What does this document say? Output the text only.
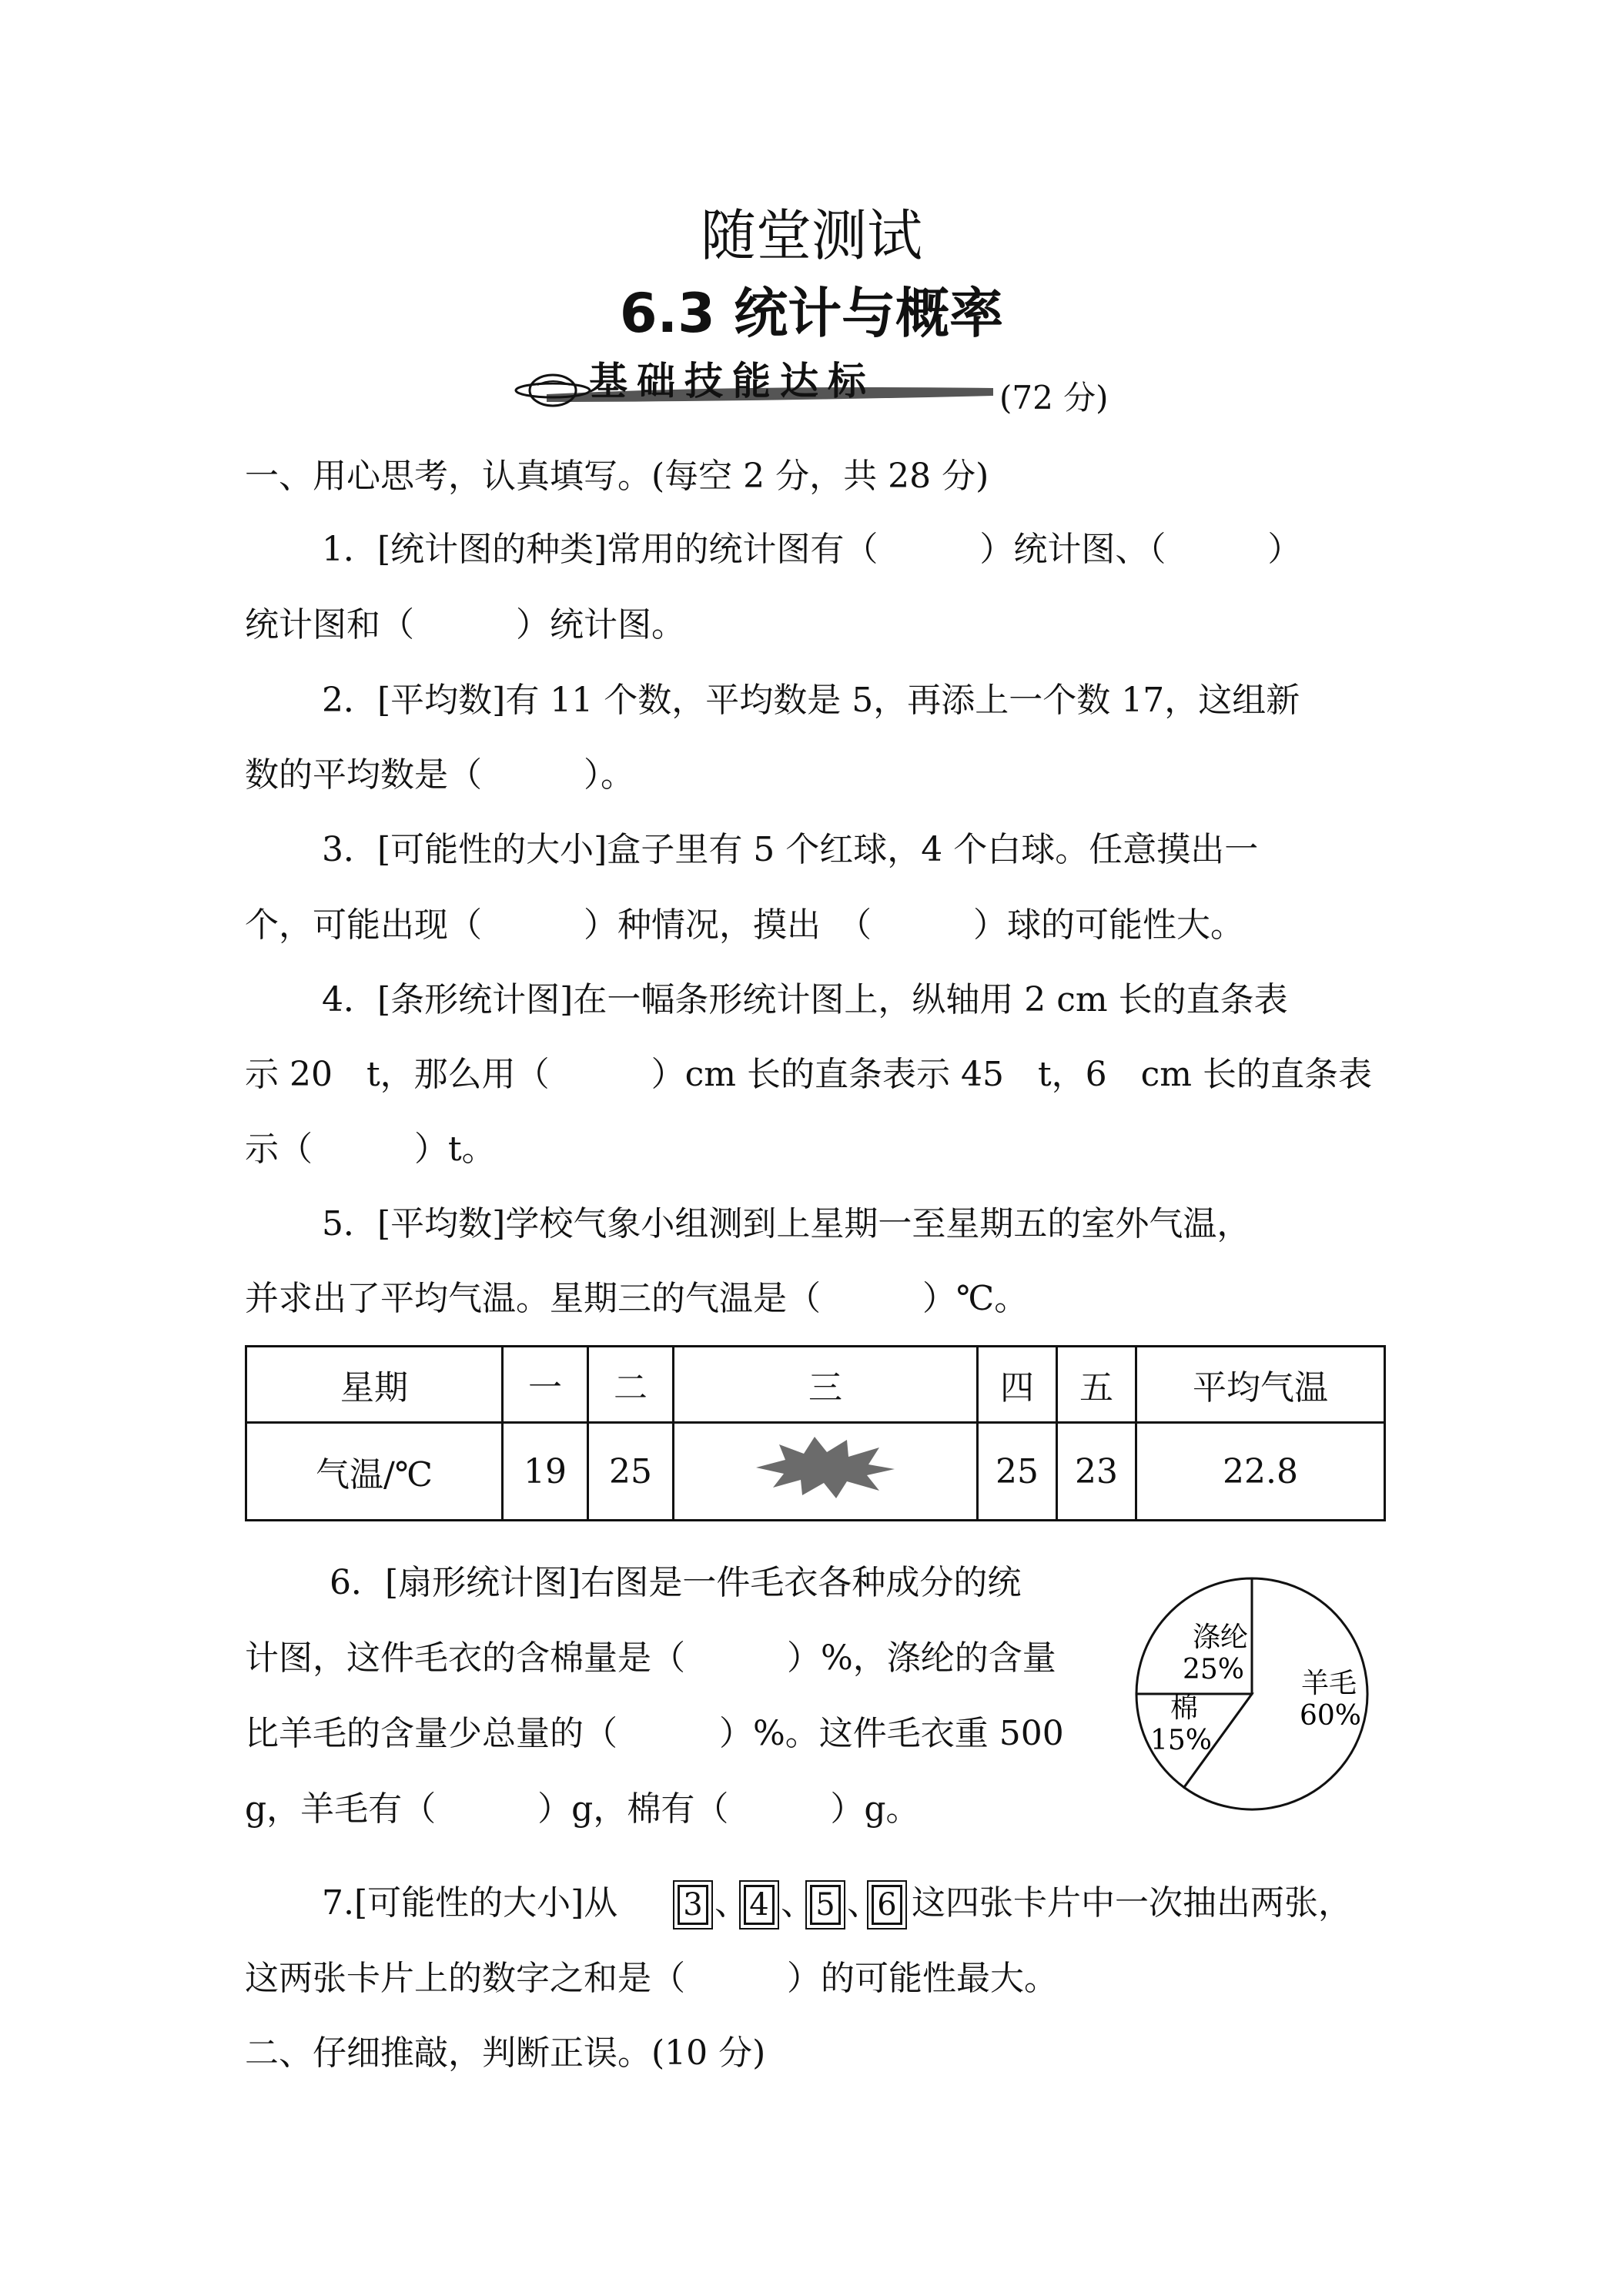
随堂测试
6.3 统计与概率
基础技能达标	(72 分)
一、用心思考，认真填写。(每空 2 分，共 28 分)
1．[统计图的种类]常用的统计图有（　　　）统计图、（　　　）
统计图和（　　　）统计图。
2．[平均数]有 11 个数，平均数是 5，再添上一个数 17，这组新
数的平均数是（　　　）。
3．[可能性的大小]盒子里有 5 个红球，4 个白球。任意摸出一
个，可能出现（　　　）种情况，摸出　（　　　）球的可能性大。
4．[条形统计图]在一幅条形统计图上，纵轴用 2 cm 长的直条表
示 20　t，那么用（　　　）cm 长的直条表示 45　t，6　cm 长的直条表
示（　　　）t。
5．[平均数]学校气象小组测到上星期一至星期五的室外气温，
并求出了平均气温。星期三的气温是（　　　）℃。
星期	一	二	三	四	五	平均气温
气温/℃	19	25		25	23	22.8
6．[扇形统计图]右图是一件毛衣各种成分的统
计图，这件毛衣的含棉量是（　　　）%，涤纶的含量
比羊毛的含量少总量的（　　　）%。这件毛衣重 500
g，羊毛有（　　　）g，棉有（　　　）g。
涤纶
25% 羊毛
60%
棉
15%
7.[可能性的大小]从 3 、 4 、 5 、
6 这四张卡片中一次抽出两张，
这两张卡片上的数字之和是（　　　）的可能性最大。
二、仔细推敲，判断正误。(10 分)
